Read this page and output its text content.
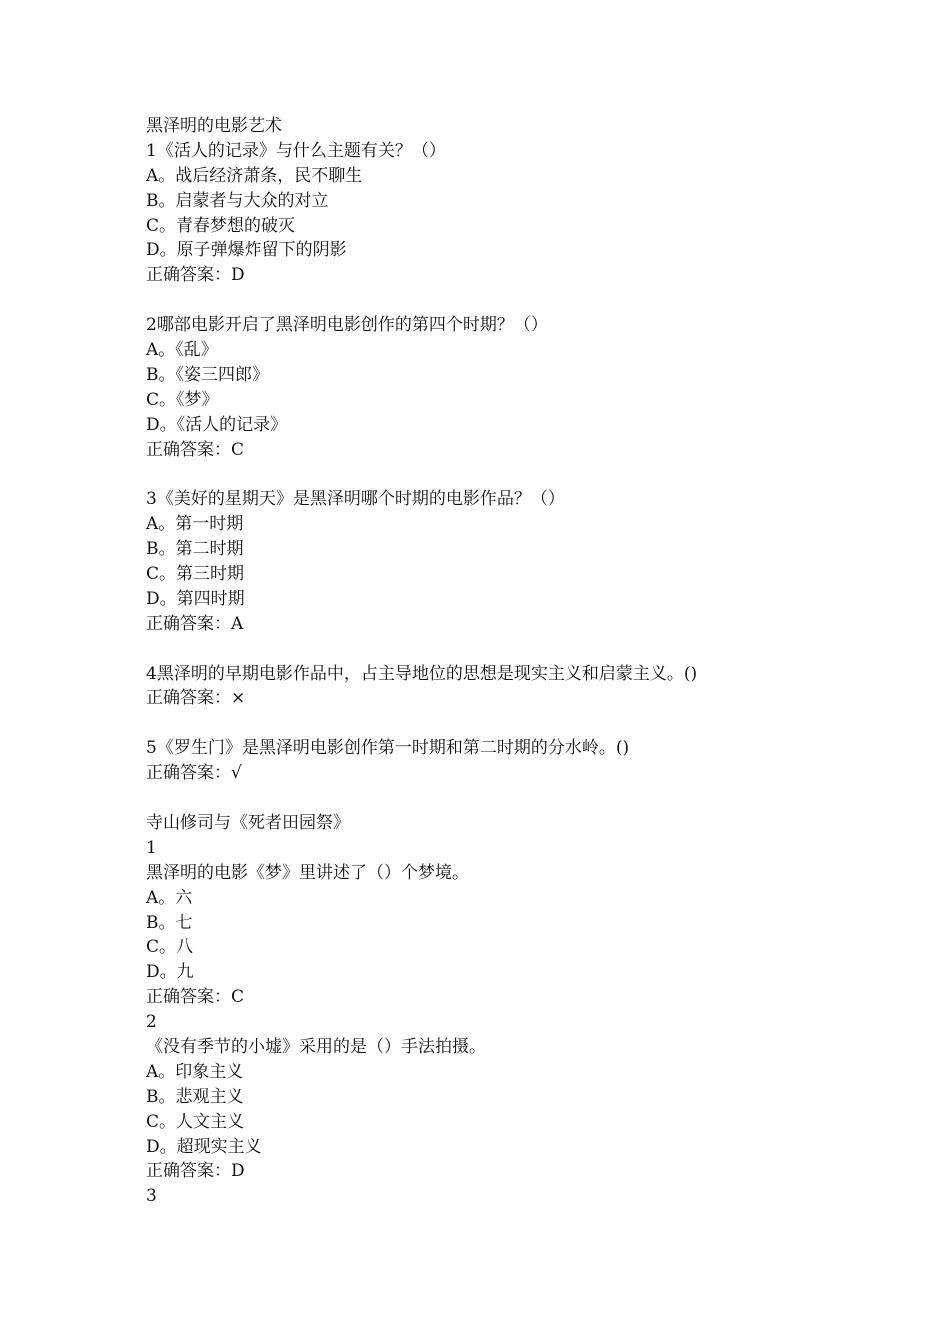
黑泽明的电影艺术
1《活人的记录》与什么主题有关？（）
A。战后经济萧条，民不聊生
B。启蒙者与大众的对立
C。青春梦想的破灭
D。原子弹爆炸留下的阴影
正确答案：D
2哪部电影开启了黑泽明电影创作的第四个时期？（）
A。《乱》
B。《姿三四郎》
C。《梦》
D。《活人的记录》
正确答案：C
3《美好的星期天》是黑泽明哪个时期的电影作品？（）
A。第一时期
B。第二时期
C。第三时期
D。第四时期
正确答案：A
4黑泽明的早期电影作品中，占主导地位的思想是现实主义和启蒙主义。()
正确答案：×
5《罗生门》是黑泽明电影创作第一时期和第二时期的分水岭。()
正确答案：√
寺山修司与《死者田园祭》
1
黑泽明的电影《梦》里讲述了（）个梦境。
A。六
B。七
C。八
D。九
正确答案：C
2
《没有季节的小墟》采用的是（）手法拍摄。
A。印象主义
B。悲观主义
C。人文主义
D。超现实主义
正确答案：D
3
